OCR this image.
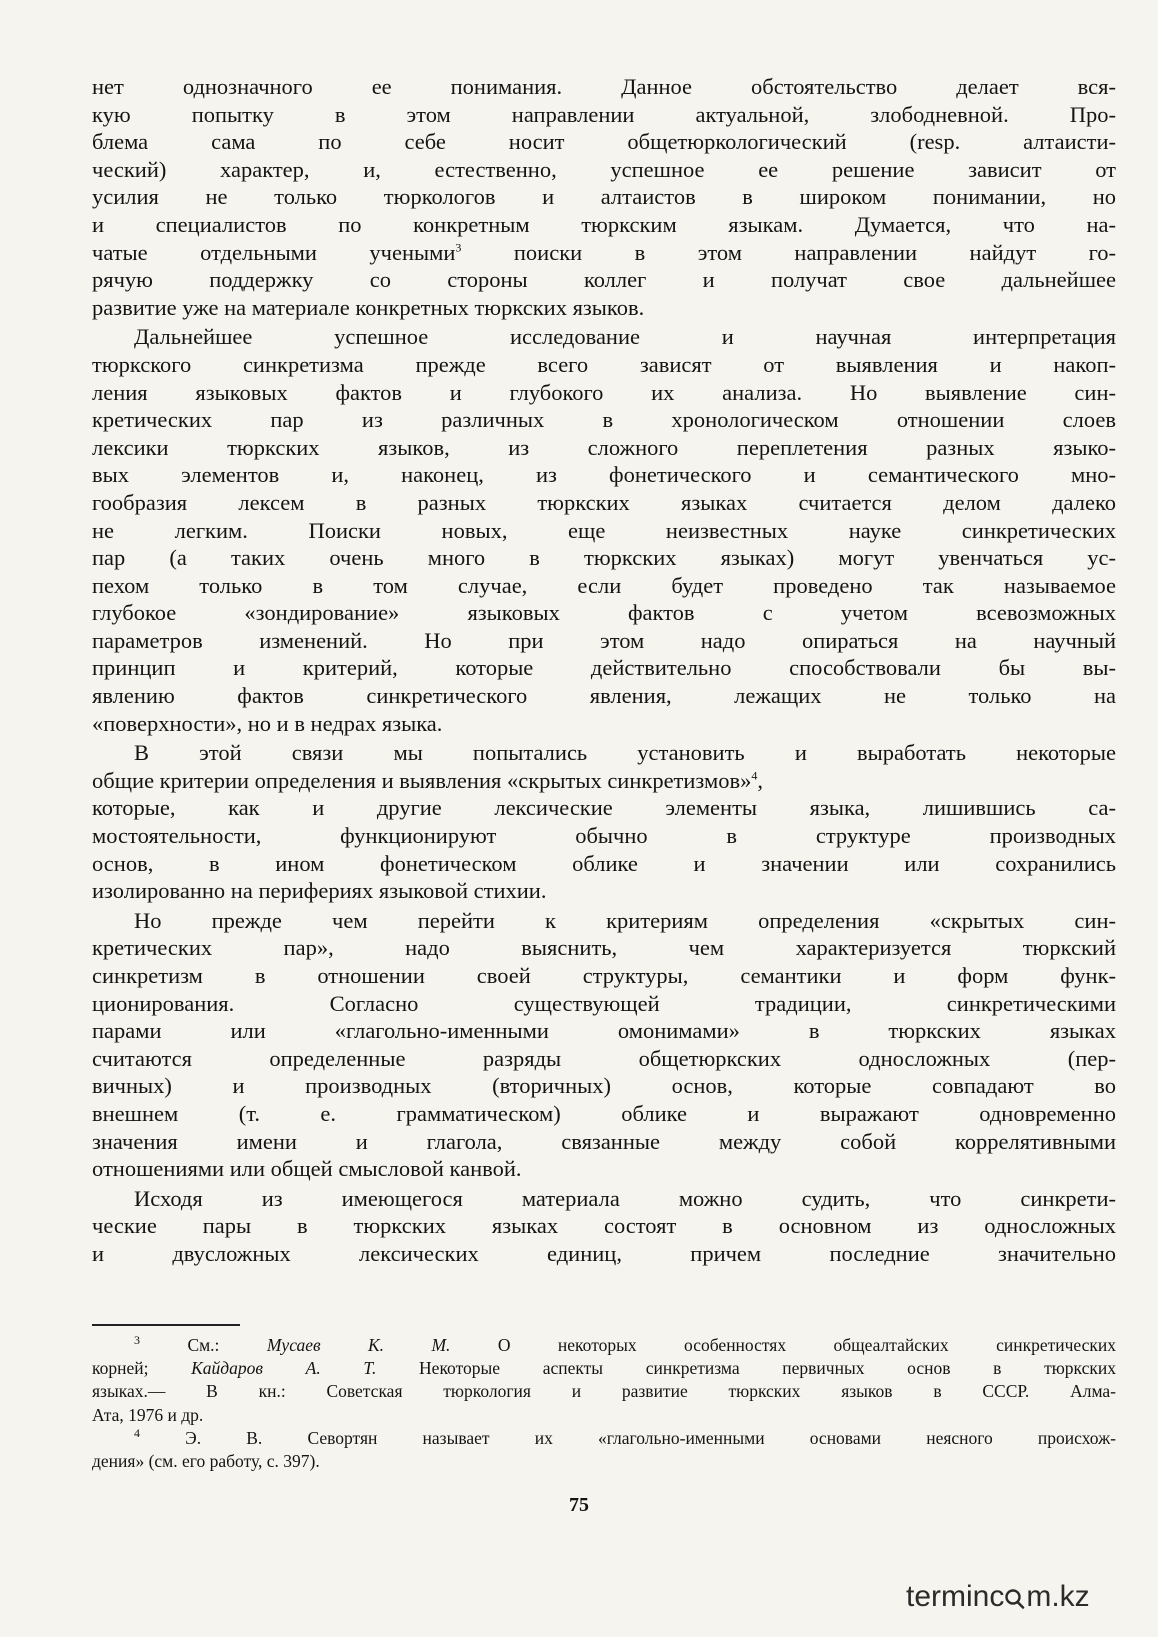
нет однозначного ее понимания. Данное обстоятельство делает вся-
кую попытку в этом направлении актуальной, злободневной. Про-
блема сама по себе носит общетюркологический (resp. алтаисти-
ческий) характер, и, естественно, успешное ее решение зависит от
усилия не только тюркологов и алтаистов в широком понимании, но
и специалистов по конкретным тюркским языкам. Думается, что на-
чатые отдельными учеными$^3$ поиски в этом направлении найдут го-
рячую поддержку со стороны коллег и получат свое дальнейшее
развитие уже на материале конкретных тюркских языков.
Дальнейшее успешное исследование и научная интерпретация
тюркского синкретизма прежде всего зависят от выявления и накоп-
ления языковых фактов и глубокого их анализа. Но выявление син-
кретических пар из различных в хронологическом отношении слоев
лексики тюркских языков, из сложного переплетения разных языко-
вых элементов и, наконец, из фонетического и семантического мно-
гообразия лексем в разных тюркских языках считается делом далеко
не легким. Поиски новых, еще неизвестных науке синкретических
пар (а таких очень много в тюркских языках) могут увенчаться ус-
пехом только в том случае, если будет проведено так называемое
глубокое «зондирование» языковых фактов с учетом всевозможных
параметров изменений. Но при этом надо опираться на научный
принцип и критерий, которые действительно способствовали бы вы-
явлению фактов синкретического явления, лежащих не только на
«поверхности», но и в недрах языка.
В этой связи мы попытались установить и выработать некоторые
общие критерии определения и выявления «скрытых синкретизмов»$^4$,
которые, как и другие лексические элементы языка, лишившись са-
мостоятельности, функционируют обычно в структуре производных
основ, в ином фонетическом облике и значении или сохранились
изолированно на перифериях языковой стихии.
Но прежде чем перейти к критериям определения «скрытых син-
кретических пар», надо выяснить, чем характеризуется тюркский
синкретизм в отношении своей структуры, семантики и форм функ-
ционирования. Согласно существующей традиции, синкретическими
парами или «глагольно-именными омонимами» в тюркских языках
считаются определенные разряды общетюркских односложных (пер-
вичных) и производных (вторичных) основ, которые совпадают во
внешнем (т. е. грамматическом) облике и выражают одновременно
значения имени и глагола, связанные между собой коррелятивными
отношениями или общей смысловой канвой.
Исходя из имеющегося материала можно судить, что синкрети-
ческие пары в тюркских языках состоят в основном из односложных
и двусложных лексических единиц, причем последние значительно
$^3$	См.: Мусаев К. М. О некоторых особенностях общеалтайских синкретических
корней; Кайдаров А. Т. Некоторые аспекты синкретизма первичных основ в тюркских
языках.— В кн.: Советская тюркология и развитие тюркских языков в СССР. Алма-
Ата, 1976 и др.
$^4$	Э. В. Севортян называет их «глагольно-именными основами неясного происхож-
дения» (см. его работу, с. 397).
75
terminc m.kz
